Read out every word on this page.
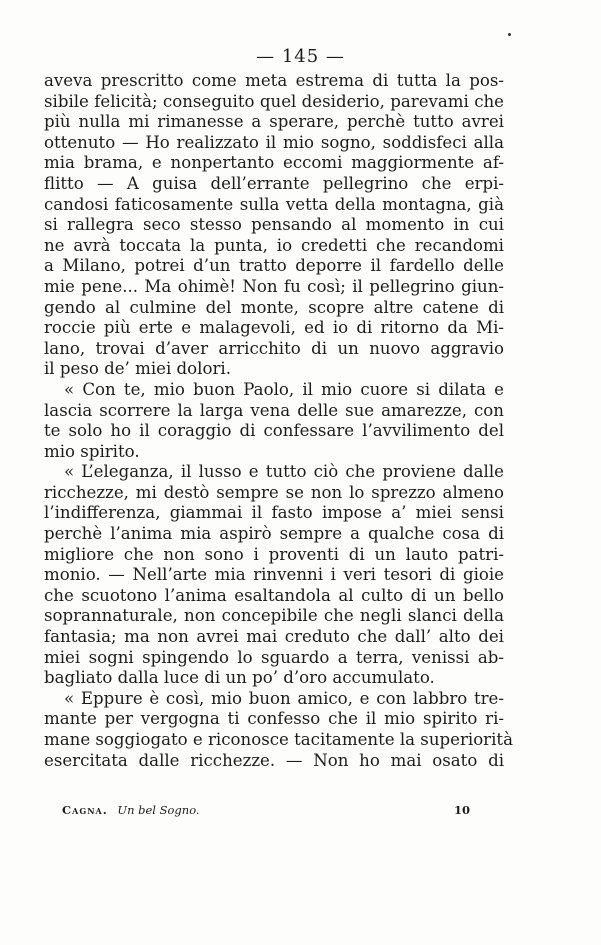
— 145 —
aveva prescritto come meta estrema di tutta la pos-
sibile felicità; conseguito quel desiderio, parevami che
più nulla mi rimanesse a sperare, perchè tutto avrei
ottenuto — Ho realizzato il mio sogno, soddisfeci alla
mia brama, e nonpertanto eccomi maggiormente af-
flitto — A guisa dell’errante pellegrino che erpi-
candosi faticosamente sulla vetta della montagna, già
si rallegra seco stesso pensando al momento in cui
ne avrà toccata la punta, io credetti che recandomi
a Milano, potrei d’un tratto deporre il fardello delle
mie pene... Ma ohimè! Non fu così; il pellegrino giun-
gendo al culmine del monte, scopre altre catene di
roccie più erte e malagevoli, ed io di ritorno da Mi-
lano, trovai d’aver arricchito di un nuovo aggravio
il peso de’ miei dolori.
« Con te, mio buon Paolo, il mio cuore si dilata e
lascia scorrere la larga vena delle sue amarezze, con
te solo ho il coraggio di confessare l’avvilimento del
mio spirito.
« L’eleganza, il lusso e tutto ciò che proviene dalle
ricchezze, mi destò sempre se non lo sprezzo almeno
l’indifferenza, giammai il fasto impose a’ miei sensi
perchè l’anima mia aspirò sempre a qualche cosa di
migliore che non sono i proventi di un lauto patri-
monio. — Nell’arte mia rinvenni i veri tesori di gioie
che scuotono l’anima esaltandola al culto di un bello
soprannaturale, non concepibile che negli slanci della
fantasia; ma non avrei mai creduto che dall’ alto dei
miei sogni spingendo lo sguardo a terra, venissi ab-
bagliato dalla luce di un po’ d’oro accumulato.
« Eppure è così, mio buon amico, e con labbro tre-
mante per vergogna ti confesso che il mio spirito ri-
mane soggiogato e riconosce tacitamente la superiorità
esercitata dalle ricchezze. — Non ho mai osato di
Cagna. Un bel Sogno.	10
